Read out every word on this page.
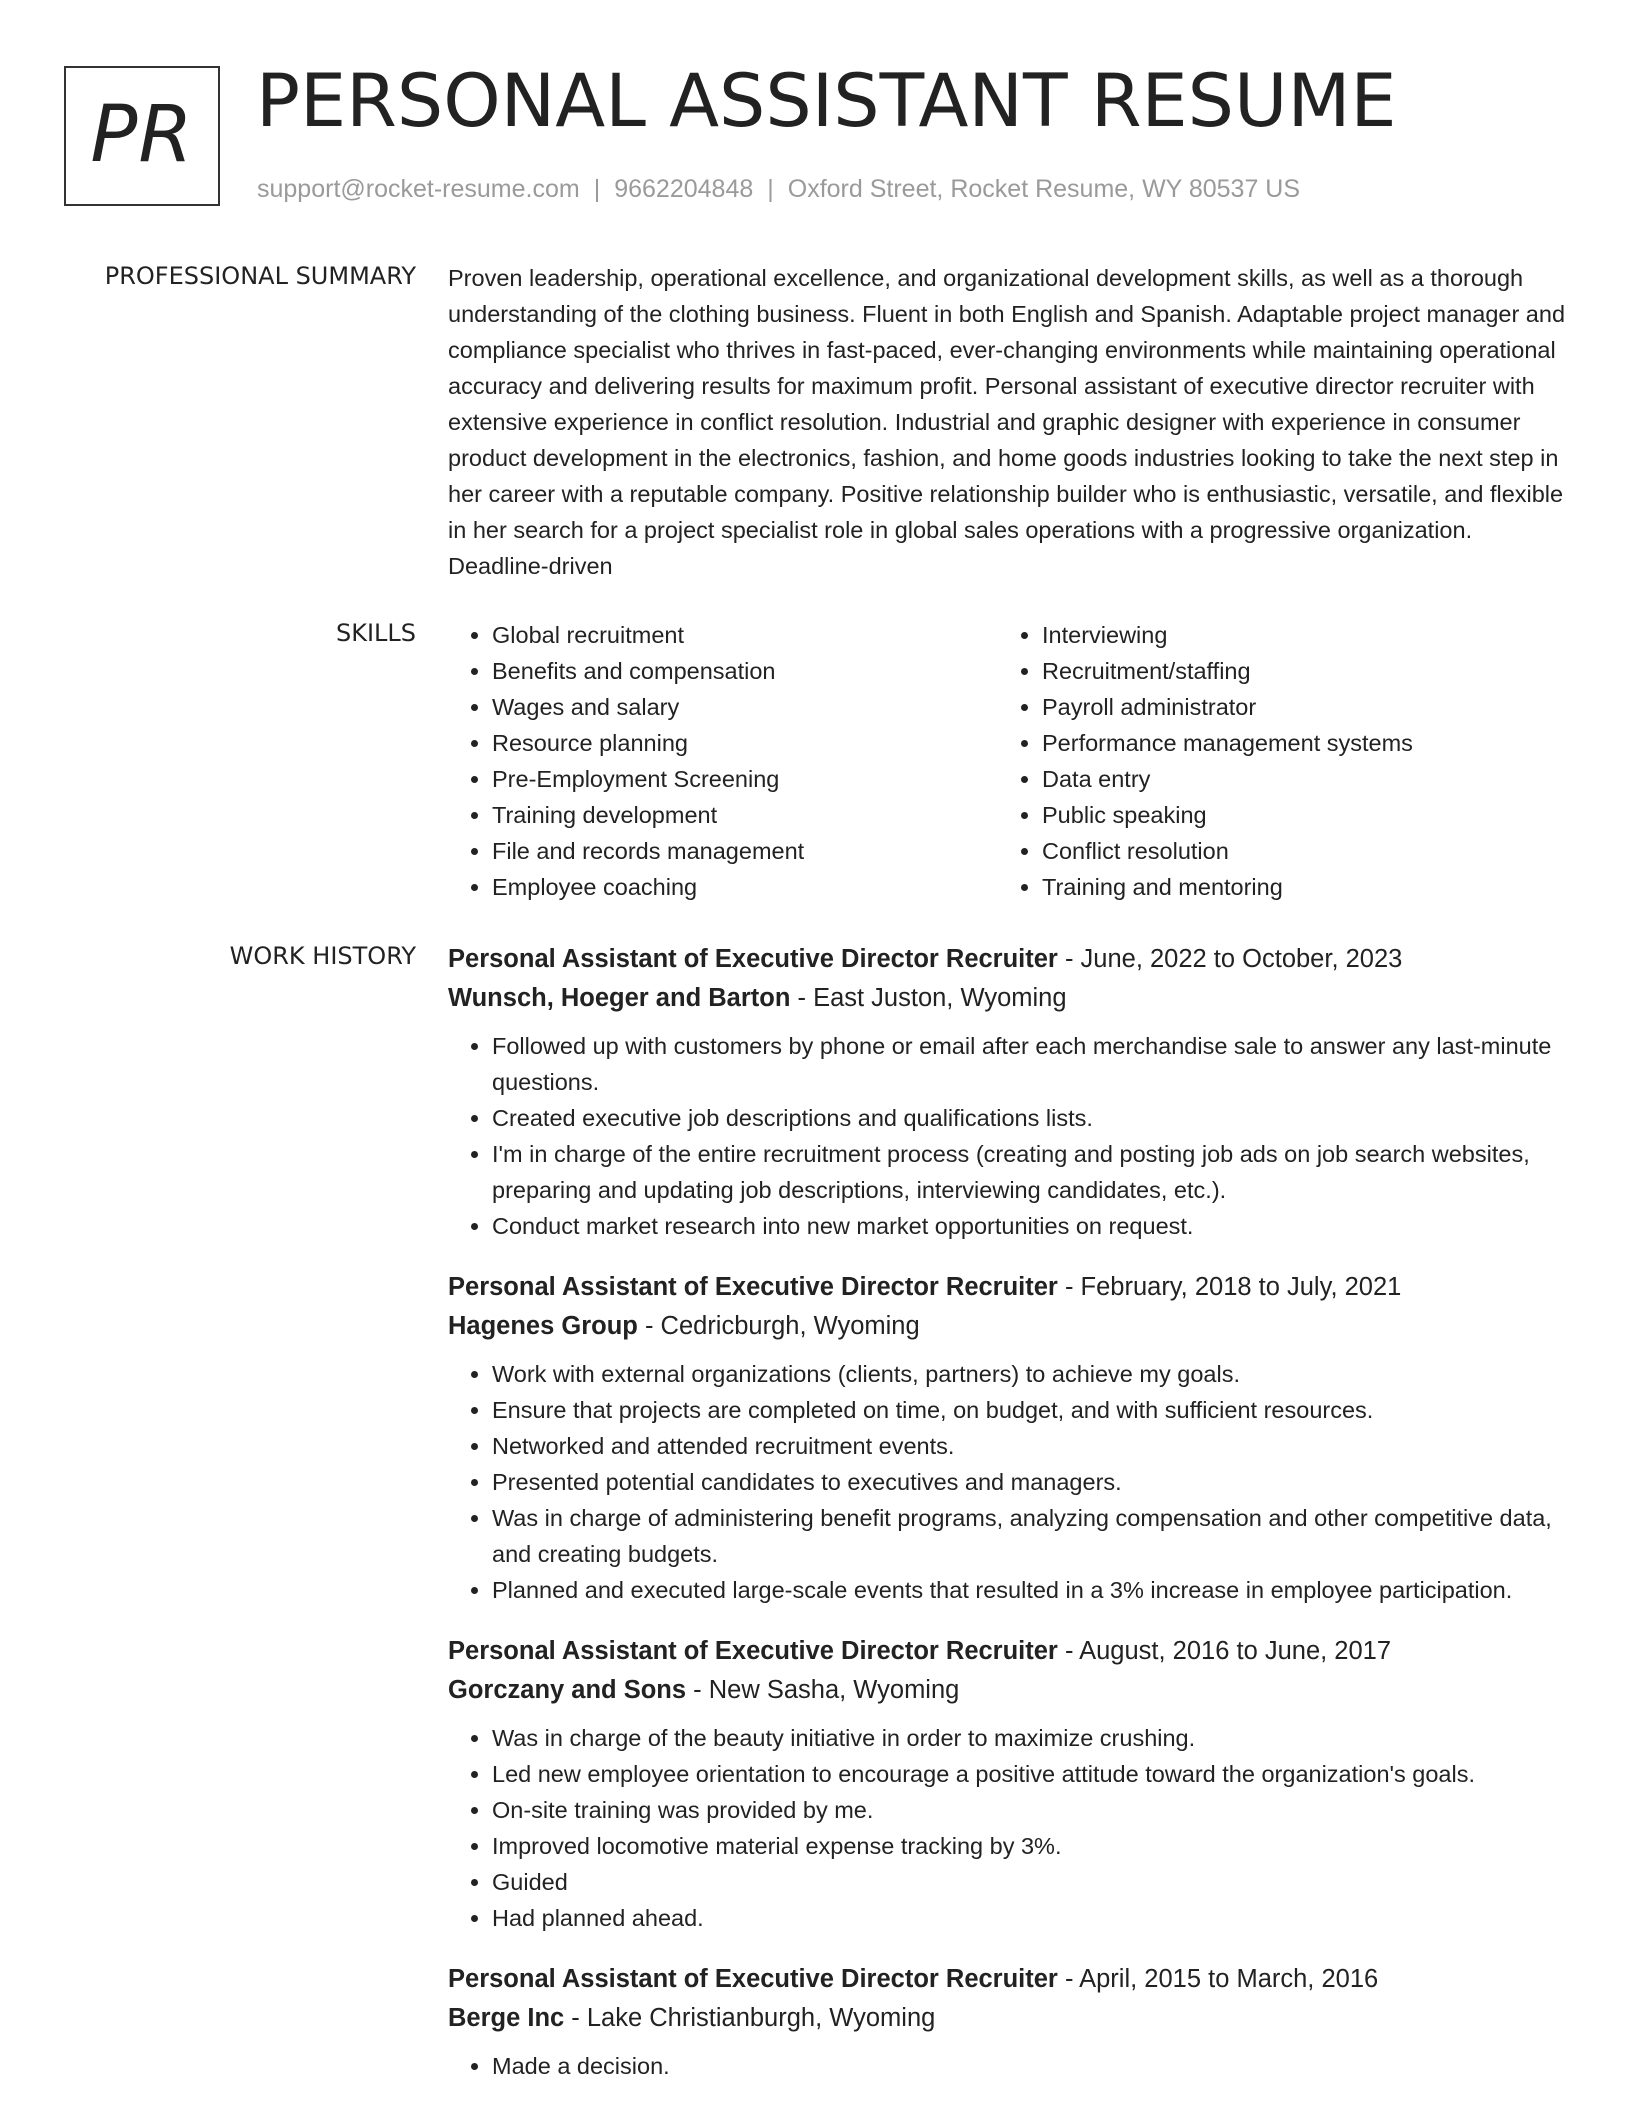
PR PERSONAL ASSISTANT RESUME
support@rocket-resume.com | 9662204848 | Oxford Street, Rocket Resume, WY 80537 US
PROFESSIONAL SUMMARY Proven leadership, operational excellence, and organizational development skills, as well as a thorough understanding of the clothing business. Fluent in both English and Spanish. Adaptable project manager and compliance specialist who thrives in fast-paced, ever-changing environments while maintaining operational accuracy and delivering results for maximum profit. Personal assistant of executive director recruiter with extensive experience in conflict resolution. Industrial and graphic designer with experience in consumer product development in the electronics, fashion, and home goods industries looking to take the next step in her career with a reputable company. Positive relationship builder who is enthusiastic, versatile, and flexible in her search for a project specialist role in global sales operations with a progressive organization. Deadline-driven

SKILLS
•	Global recruitment
• Benefits and compensation
• Wages and salary
• Resource planning
• Pre-Employment Screening
• Training development
• File and records management
• Employee coaching
• Interviewing
• Recruitment/staffing
• Payroll administrator
• Performance management systems
• Data entry
• Public speaking
• Conflict resolution
• Training and mentoring
WORK HISTORY Personal Assistant of Executive Director Recruiter - June, 2022 to October, 2023
Wunsch, Hoeger and Barton - East Juston, Wyoming
• Followed up with customers by phone or email after each merchandise sale to answer any last-minute questions.
• Created executive job descriptions and qualifications lists.
• I'm in charge of the entire recruitment process (creating and posting job ads on job search websites, preparing and updating job descriptions, interviewing candidates, etc.).
• Conduct market research into new market opportunities on request.
Personal Assistant of Executive Director Recruiter - February, 2018 to July, 2021
Hagenes Group - Cedricburgh, Wyoming
• Work with external organizations (clients, partners) to achieve my goals.
• Ensure that projects are completed on time, on budget, and with sufficient resources.
• Networked and attended recruitment events.
• Presented potential candidates to executives and managers.
• Was in charge of administering benefit programs, analyzing compensation and other competitive data, and creating budgets.
• Planned and executed large-scale events that resulted in a 3% increase in employee participation.
Personal Assistant of Executive Director Recruiter - August, 2016 to June, 2017
Gorczany and Sons - New Sasha, Wyoming
• Was in charge of the beauty initiative in order to maximize crushing.
• Led new employee orientation to encourage a positive attitude toward the organization's goals.
• On-site training was provided by me.
• Improved locomotive material expense tracking by 3%.
• Guided
• Had planned ahead.
Personal Assistant of Executive Director Recruiter - April, 2015 to March, 2016
Berge Inc - Lake Christianburgh, Wyoming
• Made a decision.
